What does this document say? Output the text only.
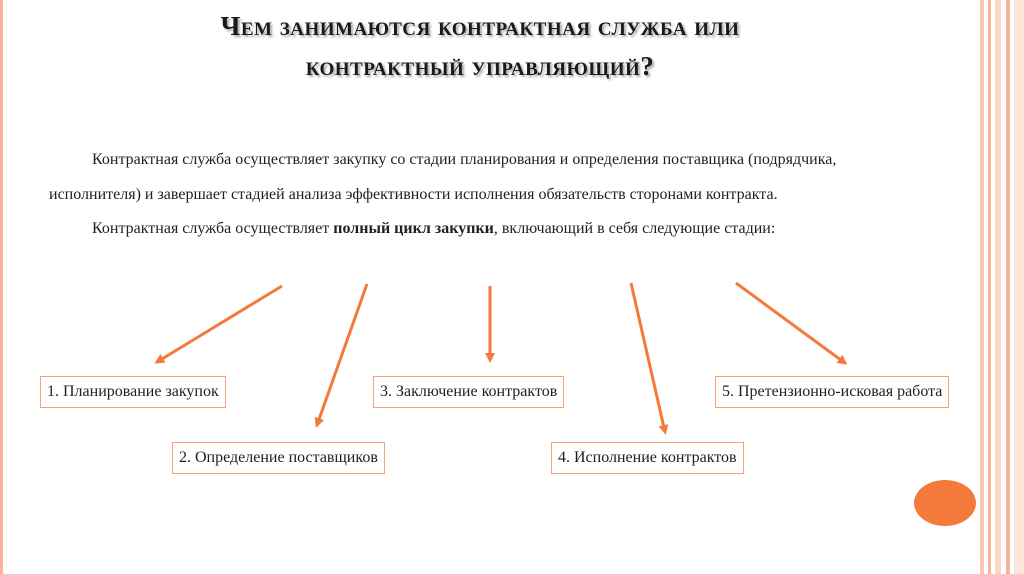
Чем занимаются контрактная служба или
контрактный управляющий?
Контрактная служба осуществляет закупку со стадии планирования и определения поставщика (подрядчика,
исполнителя) и завершает стадией анализа эффективности исполнения обязательств сторонами контракта.
Контрактная служба осуществляет полный цикл закупки, включающий в себя следующие стадии:
1. Планирование закупок
2. Определение поставщиков
3. Заключение контрактов
4. Исполнение контрактов
5. Претензионно-исковая работа
